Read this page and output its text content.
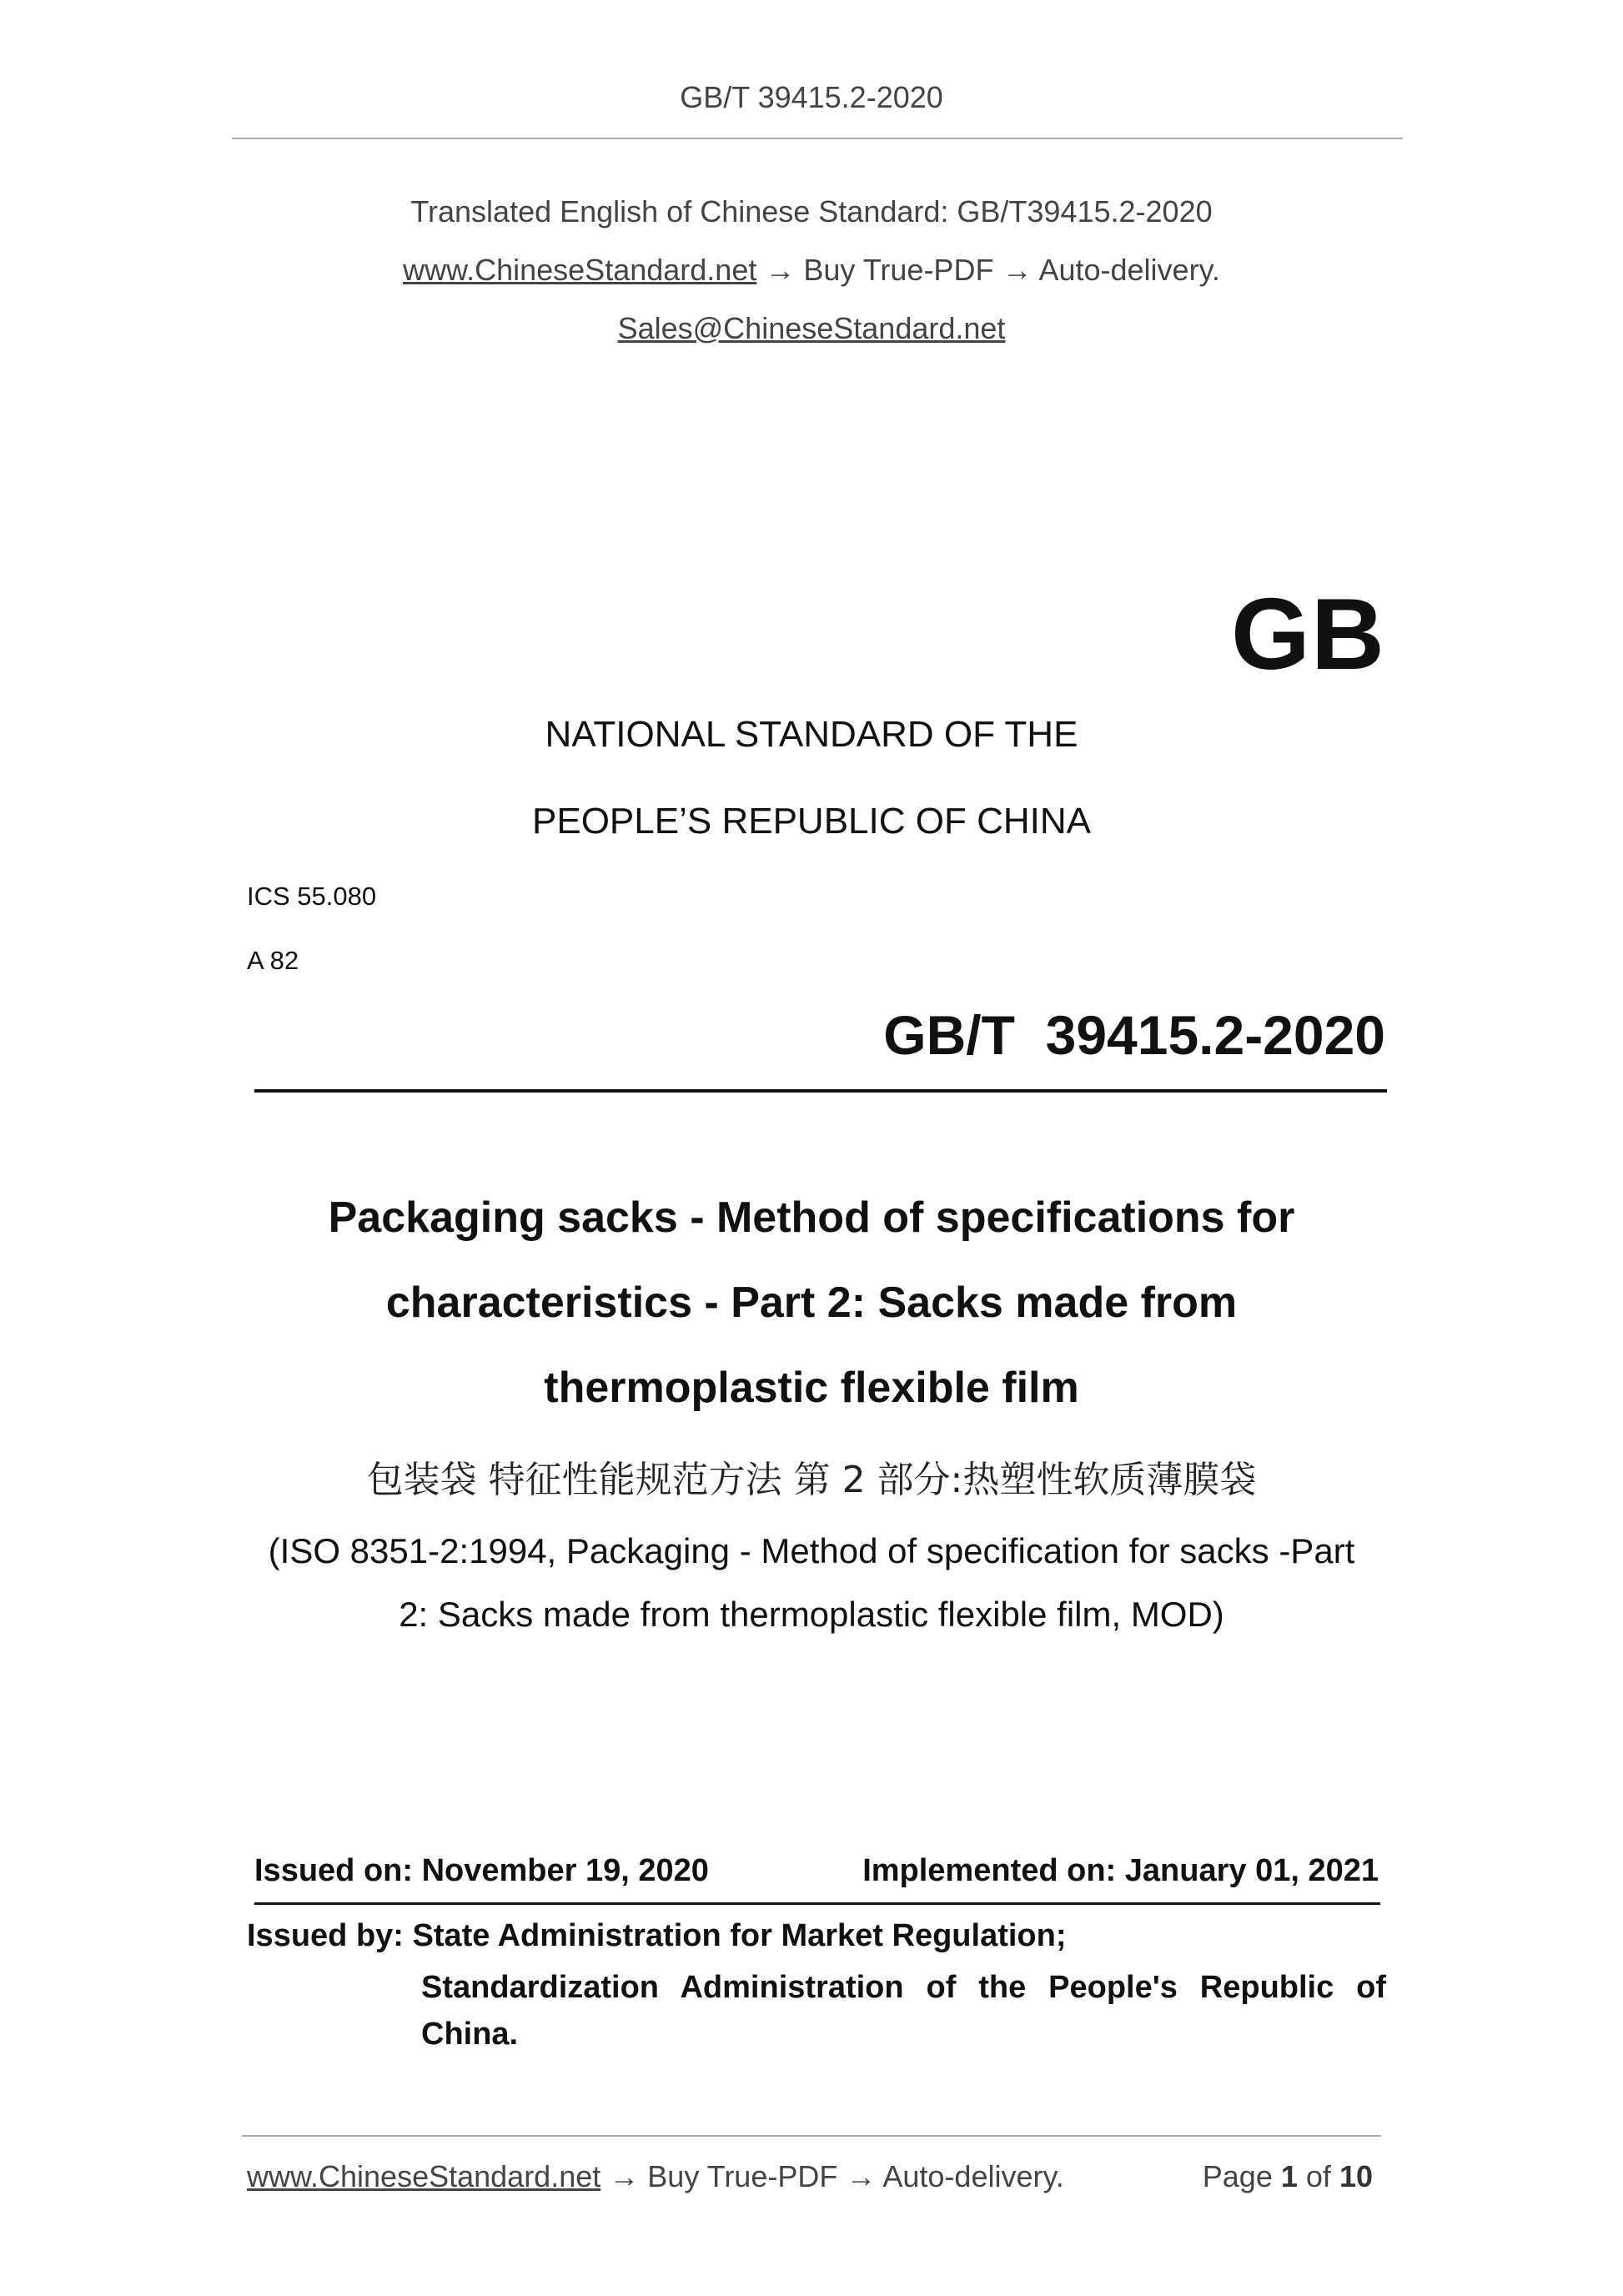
GB/T 39415.2-2020
Translated English of Chinese Standard: GB/T39415.2-2020
www.ChineseStandard.net → Buy True-PDF → Auto-delivery.
Sales@ChineseStandard.net
GB
NATIONAL STANDARD OF THE
PEOPLE’S REPUBLIC OF CHINA
ICS 55.080
A 82
GB/T  39415.2-2020
Packaging sacks - Method of specifications for
characteristics - Part 2: Sacks made from
thermoplastic flexible film
包装袋 特征性能规范方法 第 2 部分:热塑性软质薄膜袋
(ISO 8351-2:1994, Packaging - Method of specification for sacks -Part
2: Sacks made from thermoplastic flexible film, MOD)
Issued on: November 19, 2020	Implemented on: January 01, 2021
Issued by: State Administration for Market Regulation;
Standardization Administration of the People's Republic of
China.
www.ChineseStandard.net → Buy True-PDF → Auto-delivery.	Page 1 of 10
